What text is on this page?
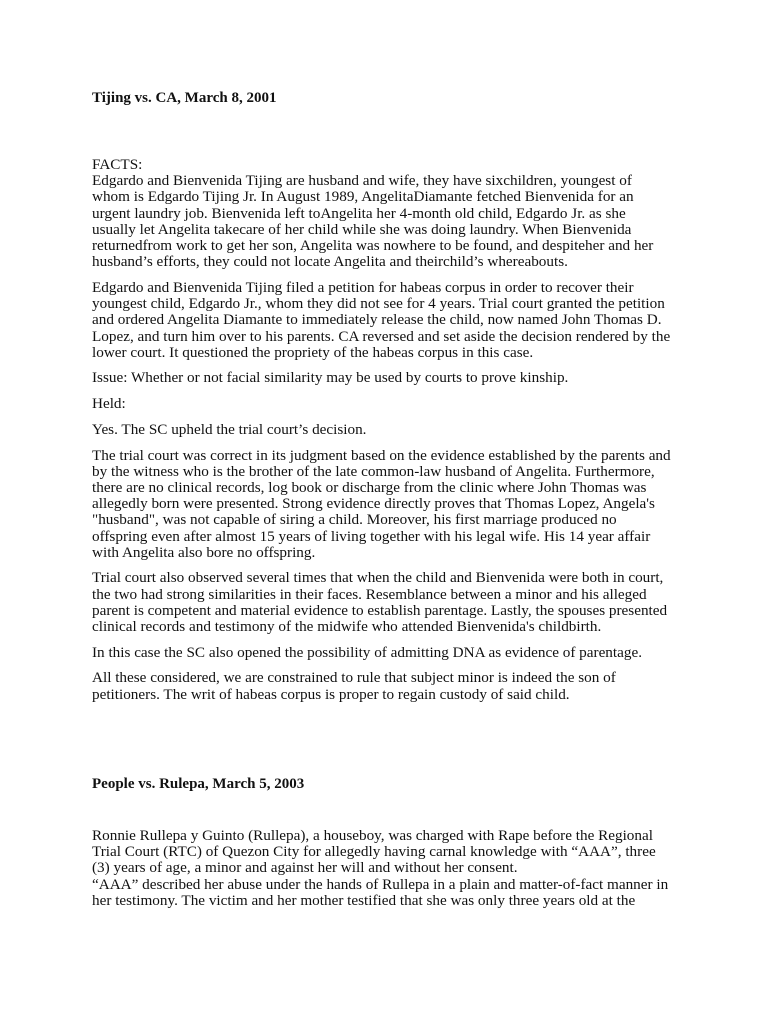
Tijing vs. CA, March 8, 2001

FACTS:
Edgardo and Bienvenida Tijing are husband and wife, they have sixchildren, youngest of whom is Edgardo Tijing Jr. In August 1989, AngelitaDiamante fetched Bienvenida for an urgent laundry job. Bienvenida left toAngelita her 4-month old child, Edgardo Jr. as she usually let Angelita takecare of her child while she was doing laundry. When Bienvenida returnedfrom work to get her son, Angelita was nowhere to be found, and despiteher and her husband’s efforts, they could not locate Angelita and theirchild’s whereabouts.

Edgardo and Bienvenida Tijing filed a petition for habeas corpus in order to recover their youngest child, Edgardo Jr., whom they did not see for 4 years. Trial court granted the petition and ordered Angelita Diamante to immediately release the child, now named John Thomas D. Lopez, and turn him over to his parents. CA reversed and set aside the decision rendered by the lower court. It questioned the propriety of the habeas corpus in this case.

Issue: Whether or not facial similarity may be used by courts to prove kinship.

Held:

Yes. The SC upheld the trial court’s decision.

The trial court was correct in its judgment based on the evidence established by the parents and by the witness who is the brother of the late common-law husband of Angelita. Furthermore, there are no clinical records, log book or discharge from the clinic where John Thomas was allegedly born were presented. Strong evidence directly proves that Thomas Lopez, Angela's "husband", was not capable of siring a child. Moreover, his first marriage produced no offspring even after almost 15 years of living together with his legal wife. His 14 year affair with Angelita also bore no offspring.

Trial court also observed several times that when the child and Bienvenida were both in court, the two had strong similarities in their faces. Resemblance between a minor and his alleged parent is competent and material evidence to establish parentage. Lastly, the spouses presented clinical records and testimony of the midwife who attended Bienvenida's childbirth.

In this case the SC also opened the possibility of admitting DNA as evidence of parentage.

All these considered, we are constrained to rule that subject minor is indeed the son of petitioners. The writ of habeas corpus is proper to regain custody of said child.

People vs. Rulepa, March 5, 2003

Ronnie Rullepa y Guinto (Rullepa), a houseboy, was charged with Rape before the Regional Trial Court (RTC) of Quezon City for allegedly having carnal knowledge with “AAA”, three (3) years of age, a minor and against her will and without her consent.
“AAA” described her abuse under the hands of Rullepa in a plain and matter-of-fact manner in her testimony. The victim and her mother testified that she was only three years old at the
